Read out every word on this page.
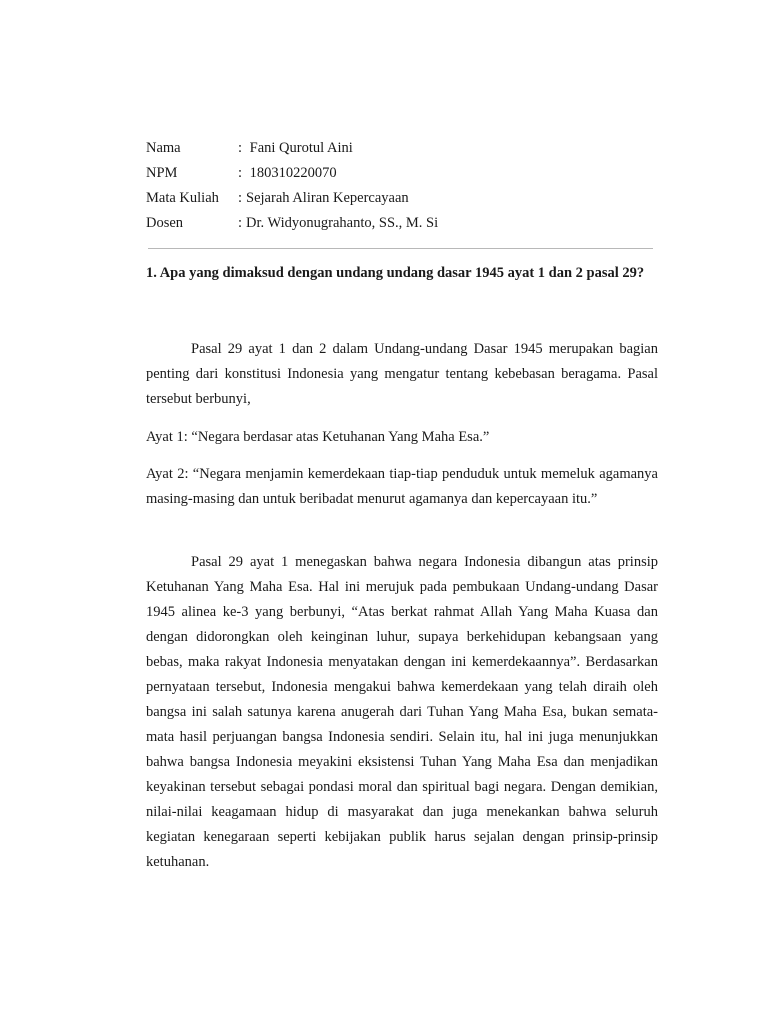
Nama	: Fani Qurotul Aini
NPM	: 180310220070
Mata Kuliah	: Sejarah Aliran Kepercayaan
Dosen	: Dr. Widyonugrahanto, SS., M. Si
1. Apa yang dimaksud dengan undang undang dasar 1945 ayat 1 dan 2 pasal 29?

Pasal 29 ayat 1 dan 2 dalam Undang-undang Dasar 1945 merupakan bagian penting dari konstitusi Indonesia yang mengatur tentang kebebasan beragama. Pasal tersebut berbunyi,

Ayat 1: “Negara berdasar atas Ketuhanan Yang Maha Esa.”

Ayat 2: “Negara menjamin kemerdekaan tiap-tiap penduduk untuk memeluk agamanya masing-masing dan untuk beribadat menurut agamanya dan kepercayaan itu.”

Pasal 29 ayat 1 menegaskan bahwa negara Indonesia dibangun atas prinsip Ketuhanan Yang Maha Esa. Hal ini merujuk pada pembukaan Undang-undang Dasar 1945 alinea ke-3 yang berbunyi, “Atas berkat rahmat Allah Yang Maha Kuasa dan dengan didorongkan oleh keinginan luhur, supaya berkehidupan kebangsaan yang bebas, maka rakyat Indonesia menyatakan dengan ini kemerdekaannya”. Berdasarkan pernyataan tersebut, Indonesia mengakui bahwa kemerdekaan yang telah diraih oleh bangsa ini salah satunya karena anugerah dari Tuhan Yang Maha Esa, bukan semata-mata hasil perjuangan bangsa Indonesia sendiri. Selain itu, hal ini juga menunjukkan bahwa bangsa Indonesia meyakini eksistensi Tuhan Yang Maha Esa dan menjadikan keyakinan tersebut sebagai pondasi moral dan spiritual bagi negara. Dengan demikian, nilai-nilai keagamaan hidup di masyarakat dan juga menekankan bahwa seluruh kegiatan kenegaraan seperti kebijakan publik harus sejalan dengan prinsip-prinsip ketuhanan.
